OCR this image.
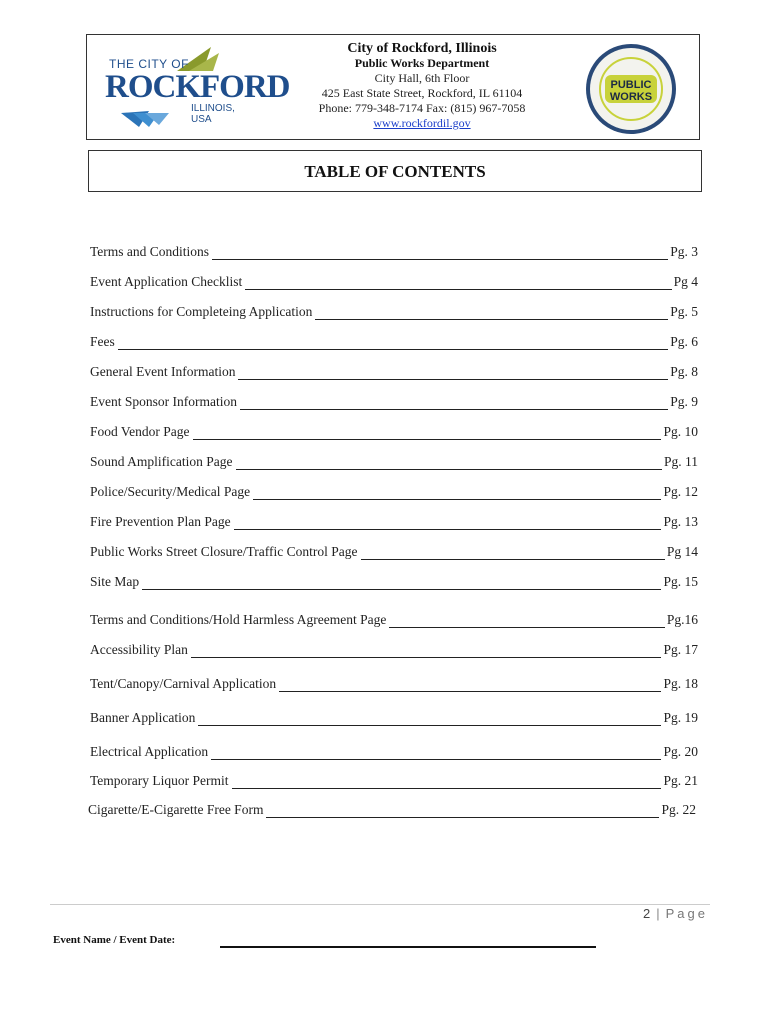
THE CITY OF
ROCKFORD
ILLINOIS, USA
City of Rockford, Illinois
Public Works Department
City Hall, 6th Floor
425 East State Street, Rockford, IL 61104
Phone: 779-348-7174 Fax: (815) 967-7058
www.rockfordil.gov
PUBLIC
WORKS
TABLE OF CONTENTS
Terms and Conditions	Pg. 3
Event Application Checklist	Pg 4
Instructions for Completeing Application	Pg. 5
Fees	Pg. 6
General Event Information	Pg. 8
Event Sponsor Information	Pg. 9
Food Vendor Page	Pg. 10
Sound Amplification Page	Pg. 11
Police/Security/Medical Page	Pg. 12
Fire Prevention Plan Page	Pg. 13
Public Works Street Closure/Traffic Control Page	Pg 14
Site Map	Pg. 15
Terms and Conditions/Hold Harmless Agreement Page	Pg.16
Accessibility Plan	Pg. 17
Tent/Canopy/Carnival Application	Pg. 18
Banner Application	Pg. 19
Electrical Application	Pg. 20
Temporary Liquor Permit	Pg. 21
Cigarette/E-Cigarette Free Form	Pg. 22
2 | Page
Event Name / Event Date:
